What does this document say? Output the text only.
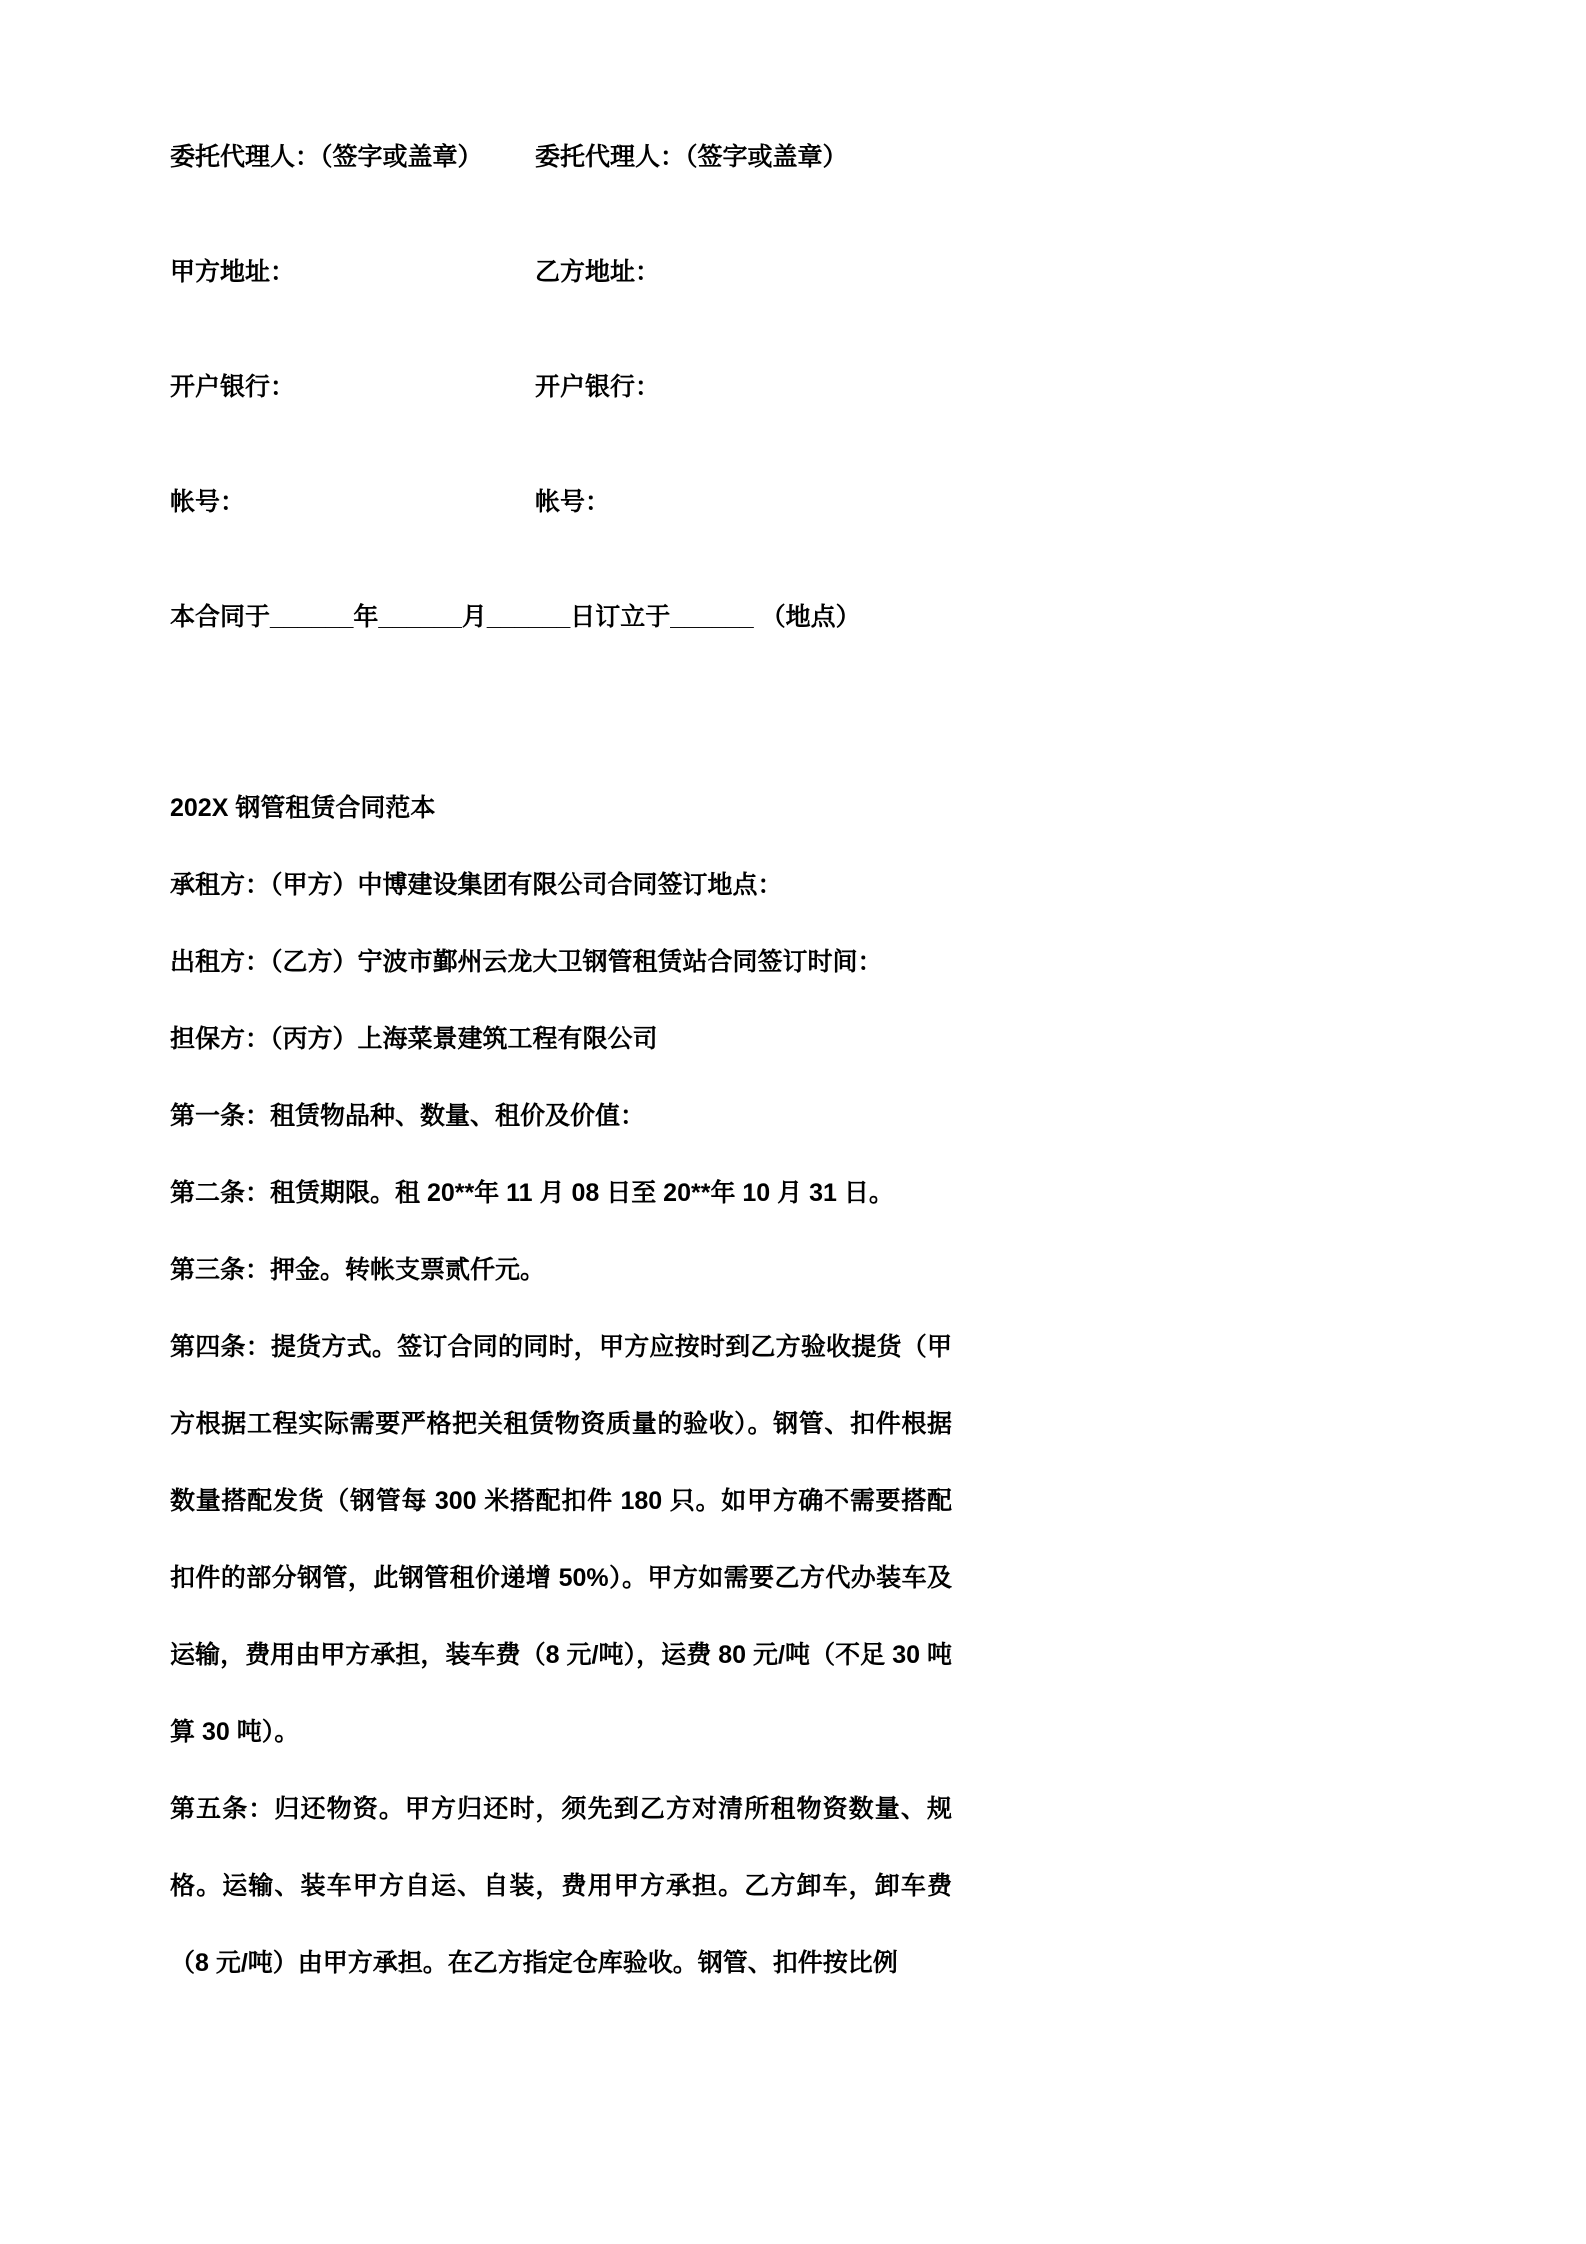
委托代理人：（签字或盖章）	委托代理人：（签字或盖章）
甲方地址：	乙方地址：
开户银行：	开户银行：
帐号：	帐号：
本合同于______年______月______日订立于______ （地点）
202X 钢管租赁合同范本

承租方：（甲方）中博建设集团有限公司合同签订地点：

出租方：（乙方）宁波市鄞州云龙大卫钢管租赁站合同签订时间：

担保方：（丙方）上海菜景建筑工程有限公司

第一条：租赁物品种、数量、租价及价值：

第二条：租赁期限。租 20**年 11 月 08 日至 20**年 10 月 31 日。

第三条：押金。转帐支票贰仟元。

第四条：提货方式。签订合同的同时，甲方应按时到乙方验收提货（甲方根据工程实际需要严格把关租赁物资质量的验收）。钢管、扣件根据数量搭配发货（钢管每 300 米搭配扣件 180 只。如甲方确不需要搭配扣件的部分钢管，此钢管租价递增 50%）。甲方如需要乙方代办装车及运输，费用由甲方承担，装车费（8 元/吨），运费 80 元/吨（不足 30 吨算 30 吨）。

第五条：归还物资。甲方归还时，须先到乙方对清所租物资数量、规格。运输、装车甲方自运、自装，费用甲方承担。乙方卸车，卸车费（8 元/吨）由甲方承担。在乙方指定仓库验收。钢管、扣件按比例
